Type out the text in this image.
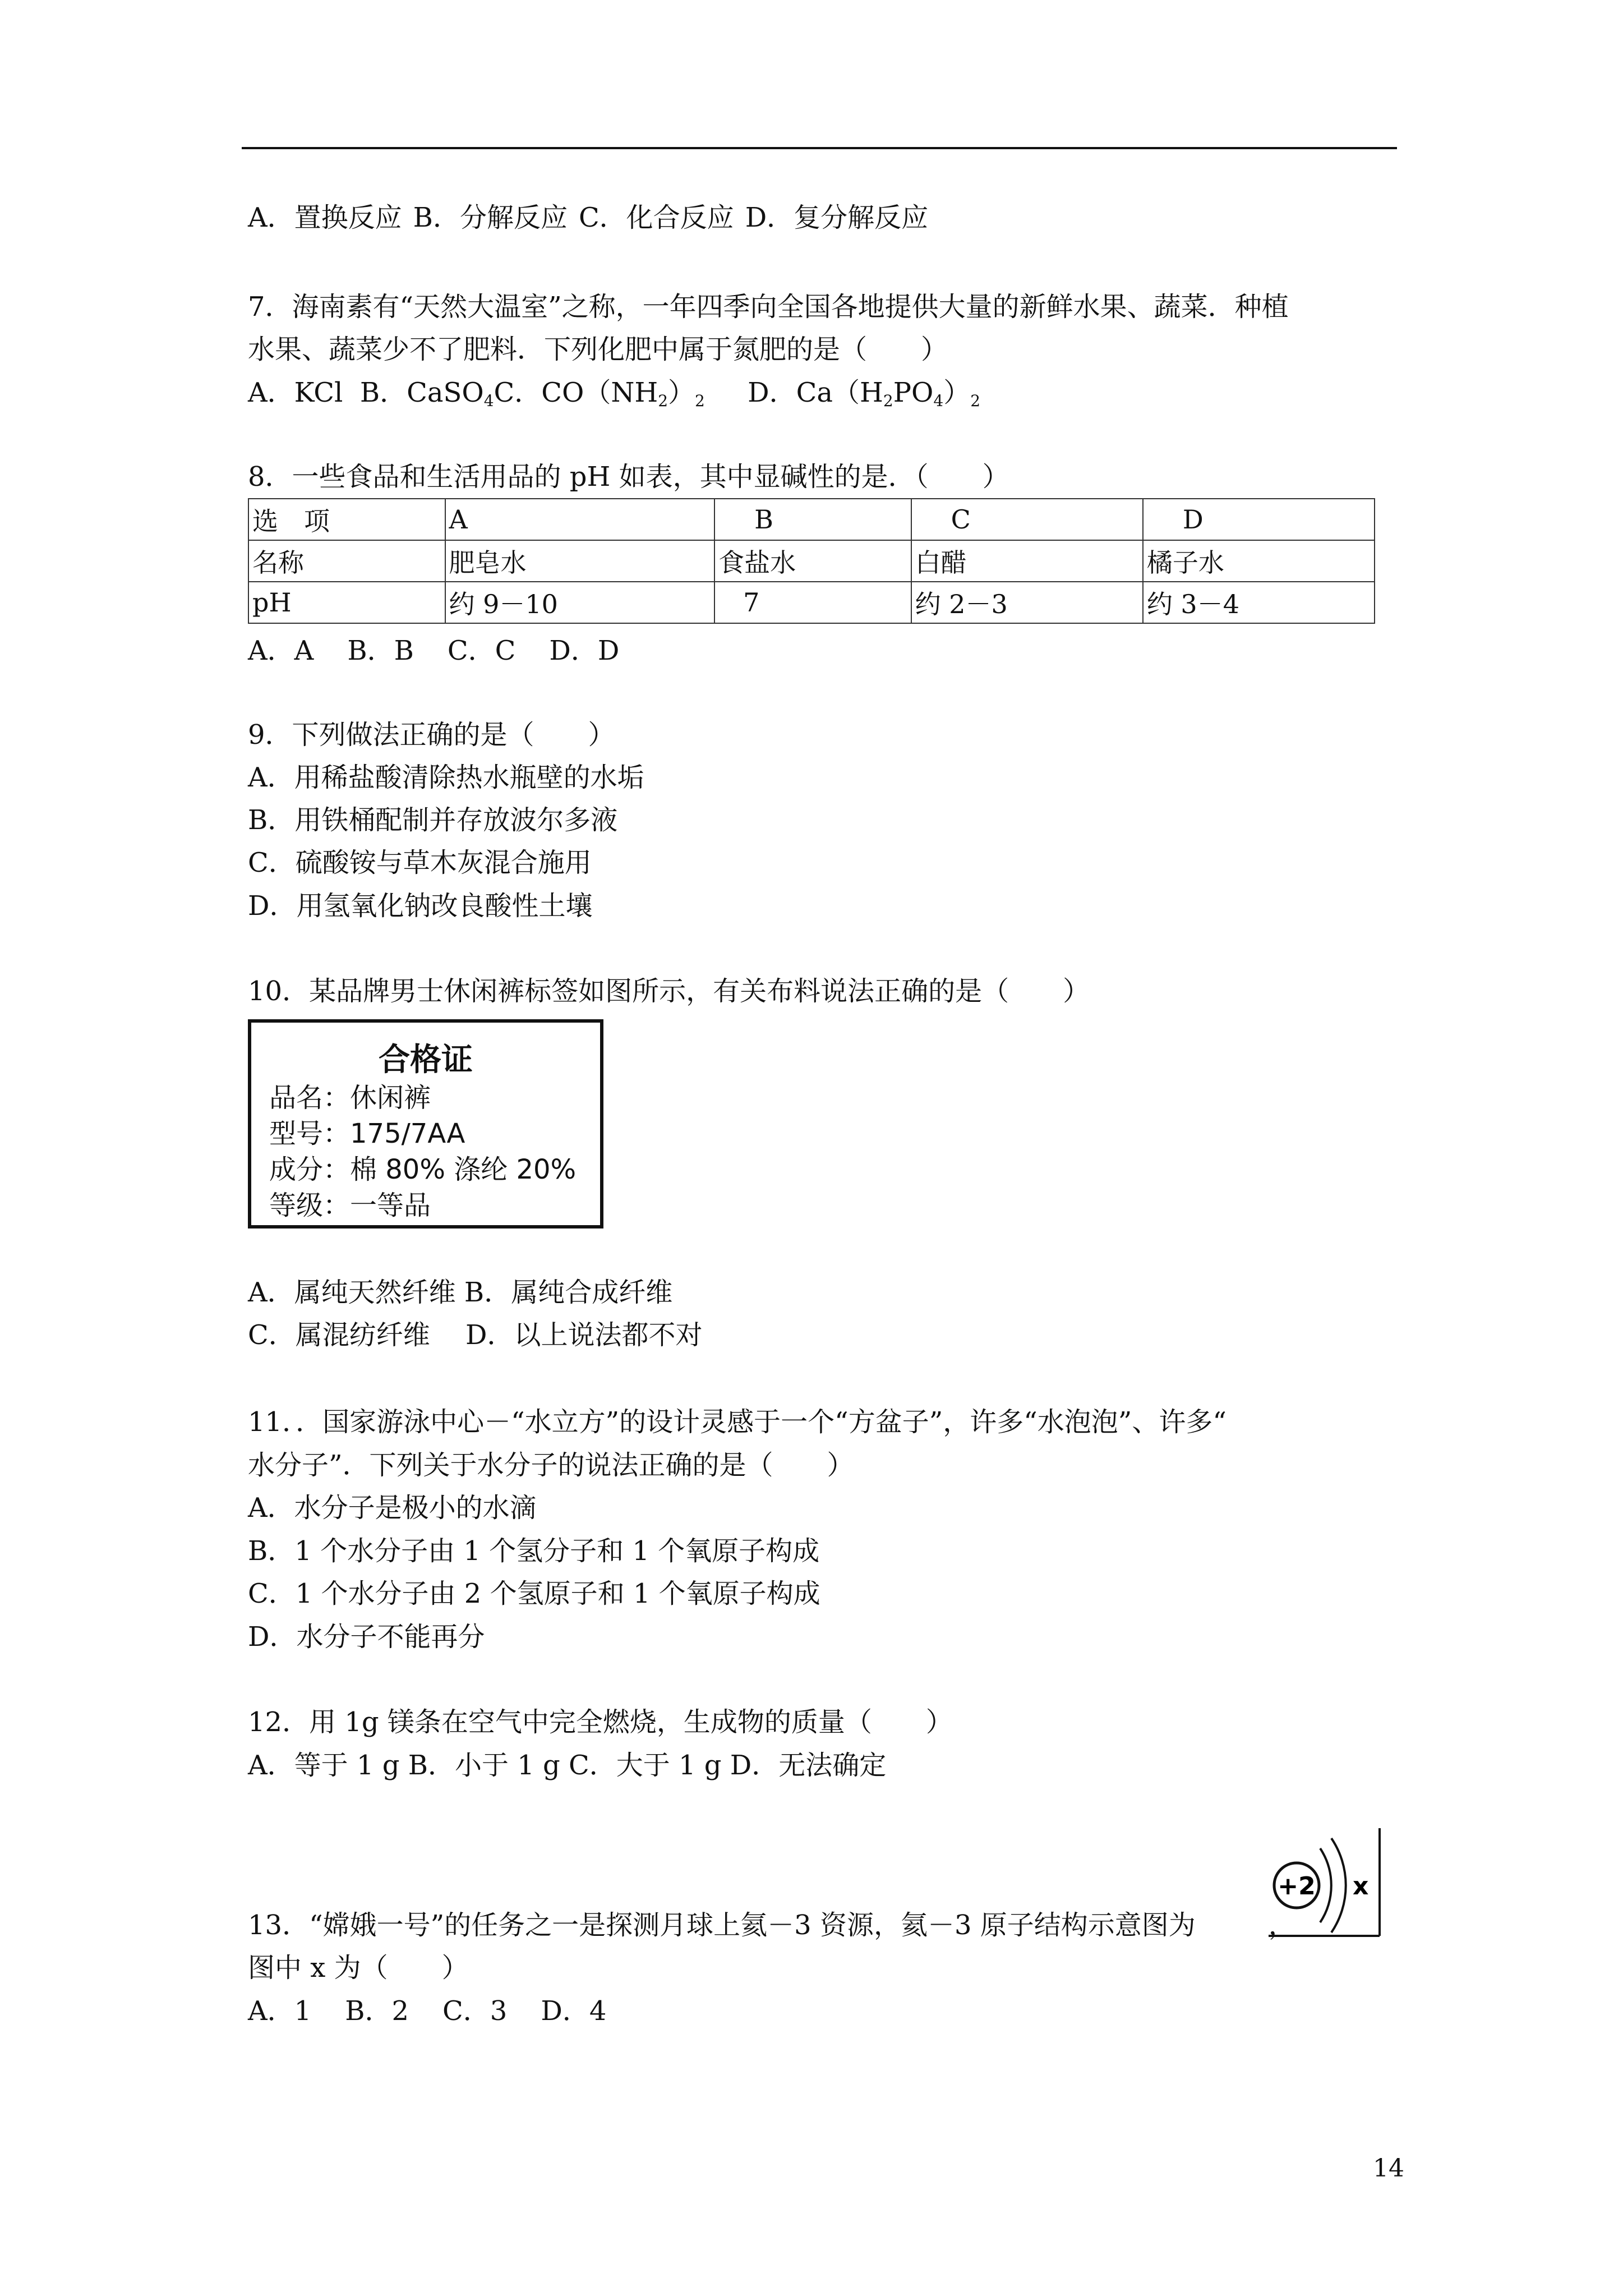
A．置换反应 B．分解反应 C．化合反应 D．复分解反应
7．海南素有“天然大温室”之称，一年四季向全国各地提供大量的新鲜水果、蔬菜．种植
水果、蔬菜少不了肥料．下列化肥中属于氮肥的是（　　）
A．KCl B．CaSO$_4$C．$CO(NH_2)_2$ D．$Ca(H_2PO_4)_2$
8．一些食品和生活用品的 pH 如表，其中显碱性的是．（　　）
选　项	A	B	C	D
名称	肥皂水	食盐水	白醋	橘子水
pH	约 9－10	7	约 2－3	约 3－4
A．A B．B C．C D．D
9．下列做法正确的是（　　）
A．用稀盐酸清除热水瓶壁的水垢
B．用铁桶配制并存放波尔多液
C．硫酸铵与草木灰混合施用
D．用氢氧化钠改良酸性土壤
10．某品牌男士休闲裤标签如图所示，有关布料说法正确的是（　　）
合格证
品名：休闲裤
型号：175/7AA
成分：棉 80% 涤纶 20%
等级：一等品
A．属纯天然纤维 B．属纯合成纤维
C．属混纺纤维　 D．以上说法都不对
11．．国家游泳中心－“水立方”的设计灵感于一个“方盆子”，许多“水泡泡”、许多“
水分子”．下列关于水分子的说法正确的是（　　）
A．水分子是极小的水滴
B．1 个水分子由 1 个氢分子和 1 个氧原子构成
C．1 个水分子由 2 个氢原子和 1 个氧原子构成
D．水分子不能再分
12．用 1g 镁条在空气中完全燃烧，生成物的质量（　　）
A．等于 1 g B．小于 1 g C．大于 1 g D．无法确定
13．“嫦娥一号”的任务之一是探测月球上氦－3 资源，氦－3 原子结构示意图为	，
+2 x
图中 x 为（　　）
A．1 B．2 C．3 D．4
14
